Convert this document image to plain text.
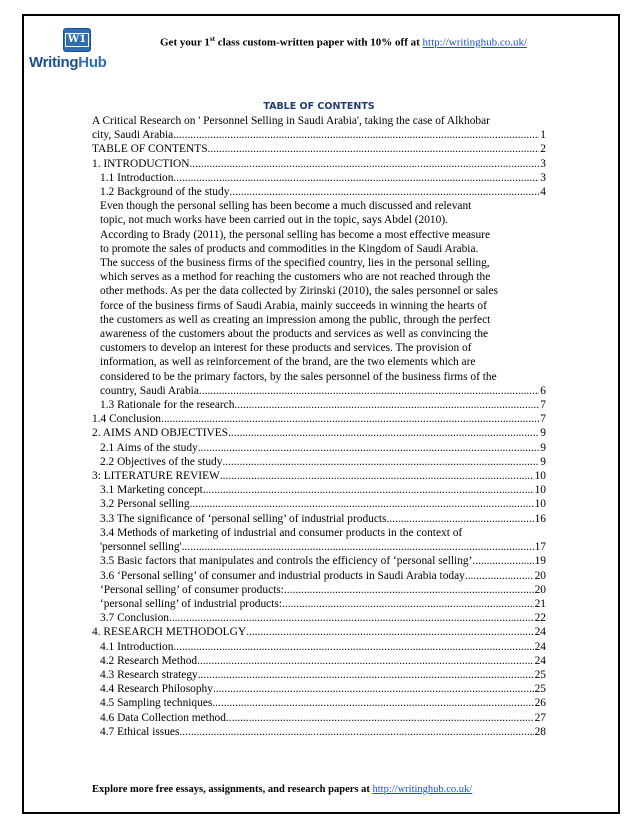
W1
WritingHub
Get your 1st class custom-written paper with 10% off at http://writinghub.co.uk/
TABLE OF CONTENTS
A Critical Research on ' Personnel Selling in Saudi Arabia', taking the case of Alkhobar
city, Saudi Arabia .....	1
TABLE OF CONTENTS .....	2
1. INTRODUCTION .....	3
1.1 Introduction .....	3
1.2 Background of the study .....	4
Even though the personal selling has been become a much discussed and relevant
topic, not much works have been carried out in the topic, says Abdel (2010).
According to Brady (2011), the personal selling has become a most effective measure
to promote the sales of products and commodities in the Kingdom of Saudi Arabia.
The success of the business firms of the specified country, lies in the personal selling,
which serves as a method for reaching the customers who are not reached through the
other methods. As per the data collected by Zirinski (2010), the sales personnel or sales
force of the business firms of Saudi Arabia, mainly succeeds in winning the hearts of
the customers as well as creating an impression among the public, through the perfect
awareness of the customers about the products and services as well as convincing the
customers to develop an interest for these products and services. The provision of
information, as well as reinforcement of the brand, are the two elements which are
considered to be the primary factors, by the sales personnel of the business firms of the
country, Saudi Arabia. .....	6
1.3 Rationale for the research .....	7
1.4 Conclusion .....	7
2. AIMS AND OBJECTIVES .....	9
2.1 Aims of the study .....	9
2.2 Objectives of the study .....	9
3: LITERATURE REVIEW .....	10
3.1 Marketing concept .....	10
3.2 Personal selling .....	10
3.3 The significance of ‘personal selling’ of industrial products .....	16
3.4 Methods of marketing of industrial and consumer products in the context of
'personnel selling' .....	17
3.5 Basic factors that manipulates and controls the efficiency of ‘personal selling’. .....	19
3.6 ‘Personal selling’ of consumer and industrial products in Saudi Arabia today .....	20
‘Personal selling’ of consumer products: .....	20
‘personal selling’ of industrial products: .....	21
3.7 Conclusion .....	22
4. RESEARCH METHODOLGY .....	24
4.1 Introduction .....	24
4.2 Research Method .....	24
4.3 Research strategy .....	25
4.4 Research Philosophy .....	25
4.5 Sampling techniques .....	26
4.6 Data Collection method .....	27
4.7 Ethical issues .....	28
Explore more free essays, assignments, and research papers at http://writinghub.co.uk/
